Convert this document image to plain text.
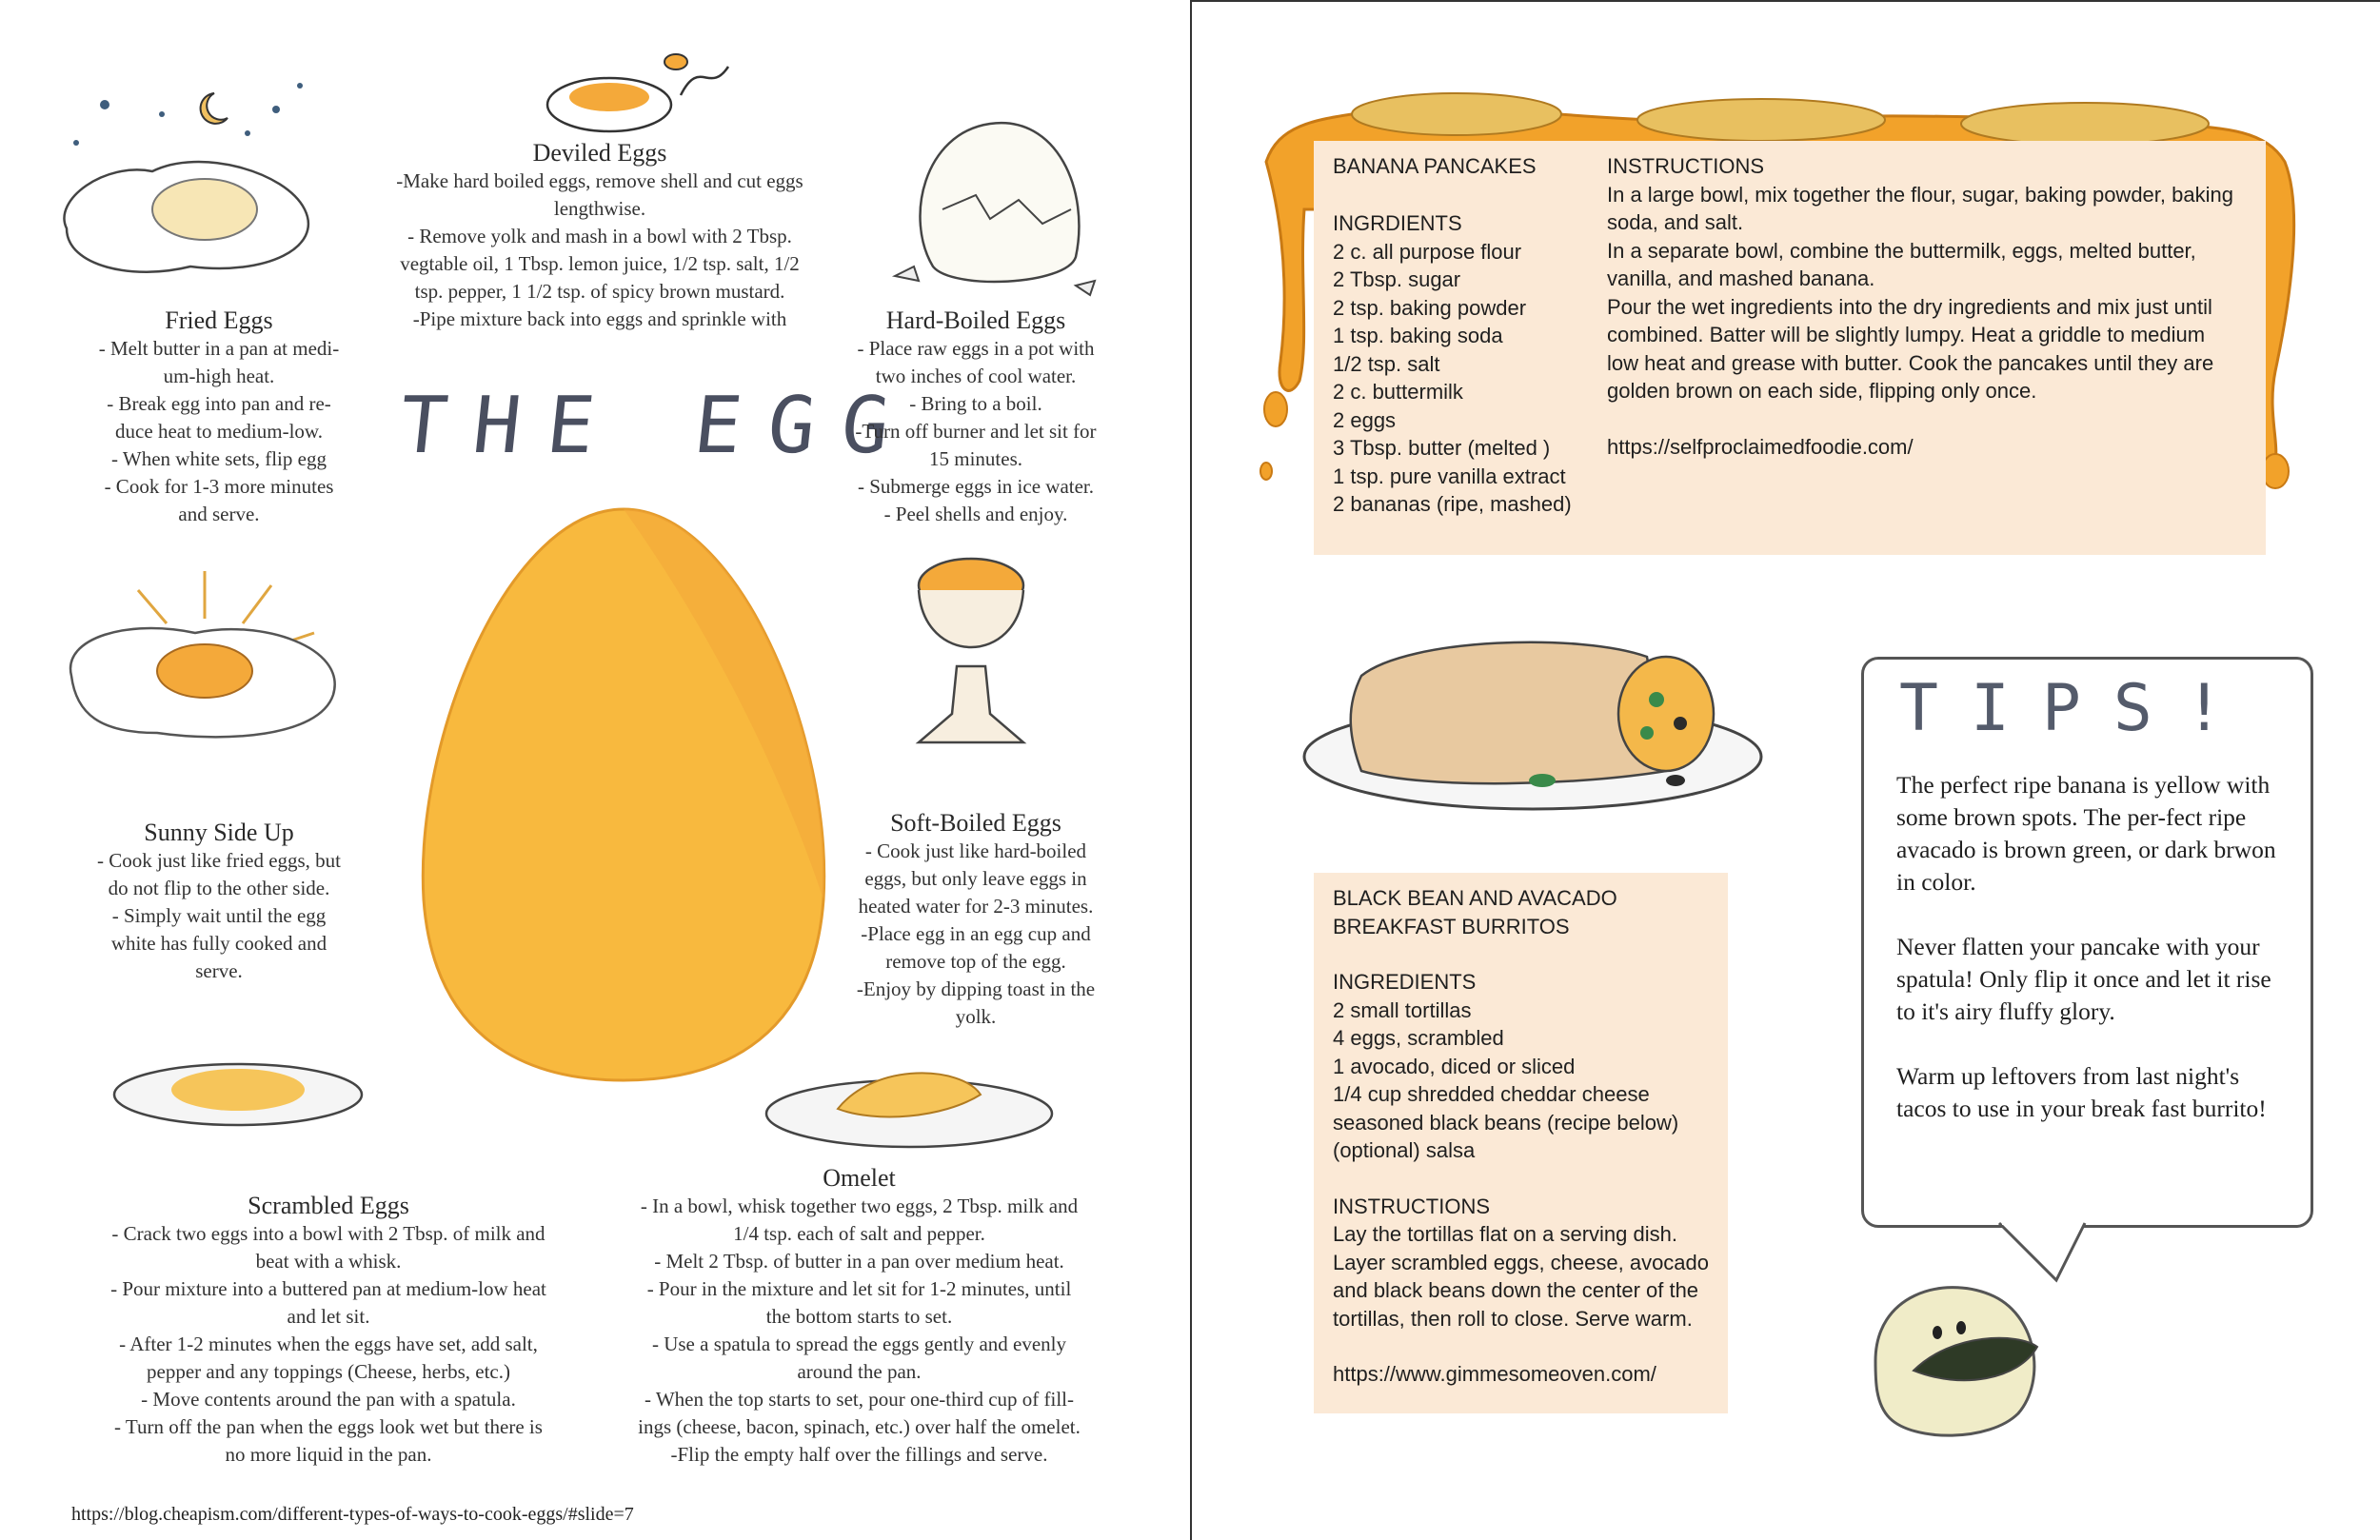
THE EGG
Deviled Eggs

-Make hard boiled eggs, remove shell and cut eggs

lengthwise.

- Remove yolk and mash in a bowl with 2 Tbsp.

vegtable oil, 1 Tbsp. lemon juice, 1/2 tsp. salt, 1/2

tsp. pepper, 1 1/2 tsp. of spicy brown mustard.

-Pipe mixture back into eggs and sprinkle with

Fried Eggs

- Melt butter in a pan at medi-

um-high heat.

- Break egg into pan and re-

duce heat to medium-low.

- When white sets, flip egg

- Cook for 1-3 more minutes

and serve.

Hard-Boiled Eggs

- Place raw eggs in a pot with

two inches of cool water.

- Bring to a boil.

-Turn off burner and let sit for

15 minutes.

- Submerge eggs in ice water.

- Peel shells and enjoy.

Sunny Side Up

- Cook just like fried eggs, but

do not flip to the other side.

- Simply wait until the egg

white has fully cooked and

serve.

Soft-Boiled Eggs

- Cook just like hard-boiled

eggs, but only leave eggs in

heated water for 2-3 minutes.

-Place egg in an egg cup and

remove top of the egg.

-Enjoy by dipping toast in the

yolk.

Scrambled Eggs

- Crack two eggs into a bowl with 2 Tbsp. of milk and

beat with a whisk.

- Pour mixture into a buttered pan at medium-low heat

and let sit.

- After 1-2 minutes when the eggs have set, add salt,

pepper and any toppings (Cheese, herbs, etc.)

- Move contents around the pan with a spatula.

- Turn off the pan when the eggs look wet but there is

no more liquid in the pan.

Omelet

- In a bowl, whisk together two eggs, 2 Tbsp. milk and

1/4 tsp. each of salt and pepper.

- Melt 2 Tbsp. of butter in a pan over medium heat.

- Pour in the mixture and let sit for 1-2 minutes, until

the bottom starts to set.

- Use a spatula to spread the eggs gently and evenly

around the pan.

- When the top starts to set, pour one-third cup of fill-

ings (cheese, bacon, spinach, etc.) over half the omelet.

-Flip the empty half over the fillings and serve.

https://blog.cheapism.com/different-types-of-ways-to-cook-eggs/#slide=7
BANANA PANCAKES

INGRDIENTS

2 c. all purpose flour

2 Tbsp. sugar

2 tsp. baking powder

1 tsp. baking soda

1/2 tsp. salt

2 c. buttermilk

2 eggs

3 Tbsp. butter (melted )

1 tsp. pure vanilla extract

2 bananas (ripe, mashed)

INSTRUCTIONS

In a large bowl, mix together the flour, sugar, baking powder, baking

soda, and salt.

In a separate bowl, combine the buttermilk, eggs, melted butter,

vanilla, and mashed banana.

Pour the wet ingredients into the dry ingredients and mix just until

combined. Batter will be slightly lumpy. Heat a griddle to medium

low heat and grease with butter. Cook the pancakes until they are

golden brown on each side, flipping only once.

https://selfproclaimedfoodie.com/

BLACK BEAN AND AVACADO

BREAKFAST BURRITOS

INGREDIENTS

2 small tortillas

4 eggs, scrambled

1 avocado, diced or sliced

1/4 cup shredded cheddar cheese

seasoned black beans (recipe below)

(optional) salsa

INSTRUCTIONS

Lay the tortillas flat on a serving dish.

Layer scrambled eggs, cheese, avocado

and black beans down the center of the

tortillas, then roll to close. Serve warm.

https://www.gimmesomeoven.com/

TIPS!

The perfect ripe banana is yellow with some brown spots. The per-fect ripe avacado is brown green, or dark brwon in color.

Never flatten your pancake with your spatula! Only flip it once and let it rise to it's airy fluffy glory.

Warm up leftovers from last night's tacos to use in your break fast burrito!
